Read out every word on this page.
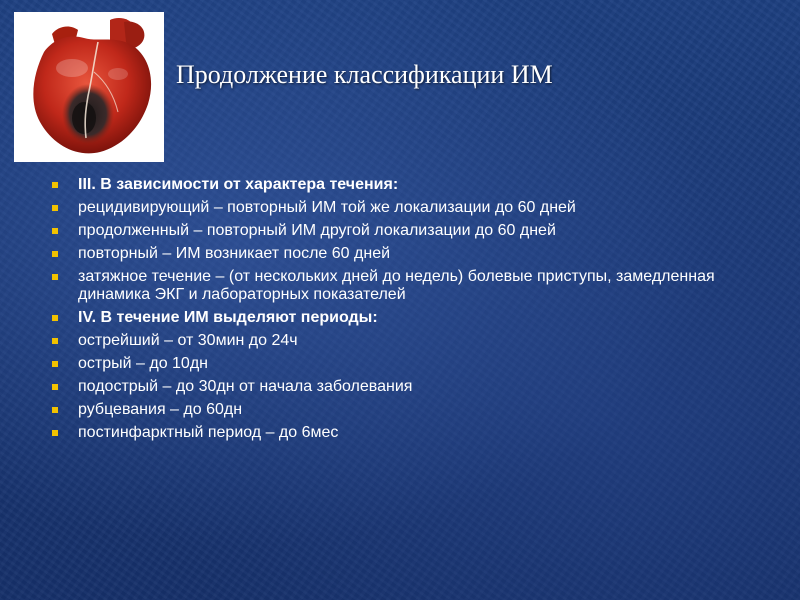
Продолжение классификации ИМ
III. В зависимости от характера течения:
рецидивирующий – повторный ИМ той же локализации до 60 дней
продолженный – повторный ИМ другой локализации до 60 дней
повторный – ИМ возникает после 60 дней
затяжное течение – (от нескольких дней до недель) болевые приступы, замедленная динамика ЭКГ и лабораторных показателей
IV. В течение ИМ выделяют периоды:
острейший – от 30мин до 24ч
острый – до 10дн
подострый – до 30дн от начала заболевания
рубцевания – до 60дн
постинфарктный период – до 6мес
